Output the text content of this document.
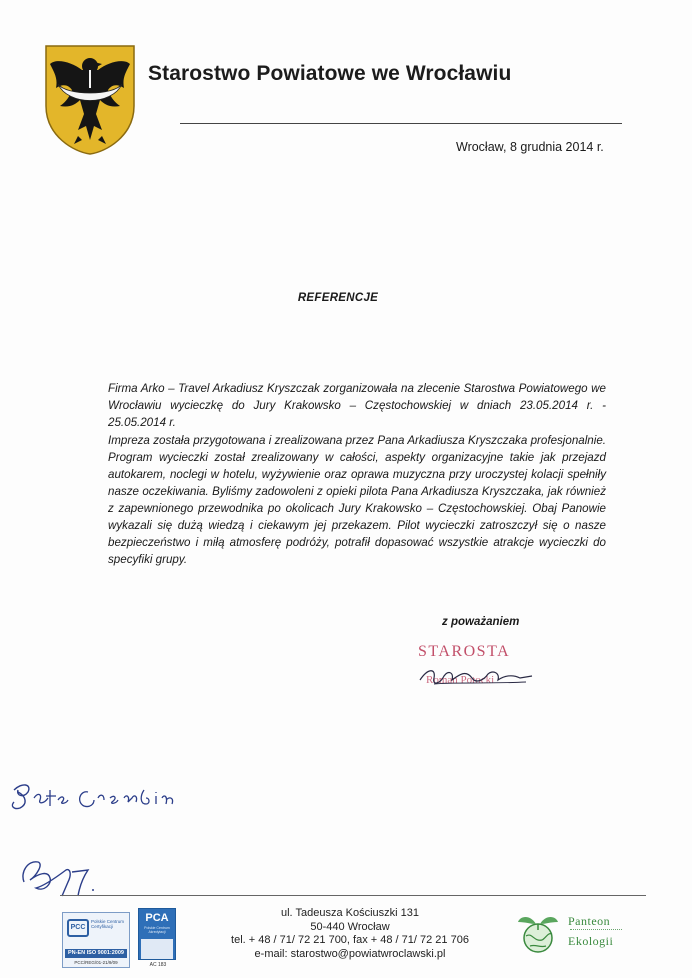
Starostwo Powiatowe we Wrocławiu
Wrocław, 8 grudnia 2014 r.
REFERENCJE

Firma Arko – Travel Arkadiusz Kryszczak zorganizowała na zlecenie Starostwa Powiatowego we Wrocławiu wycieczkę do Jury Krakowsko – Częstochowskiej w dniach 23.05.2014 r. - 25.05.2014 r.

Impreza została przygotowana i zrealizowana przez Pana Arkadiusza Kryszczaka profesjonalnie. Program wycieczki został zrealizowany w całości, aspekty organizacyjne takie jak przejazd autokarem, noclegi w hotelu, wyżywienie oraz oprawa muzyczna przy uroczystej kolacji spełniły nasze oczekiwania. Byliśmy zadowoleni z opieki pilota Pana Arkadiusza Kryszczaka, jak również z zapewnionego przewodnika po okolicach Jury Krakowsko – Częstochowskiej. Obaj Panowie wykazali się dużą wiedzą i ciekawym jej przekazem. Pilot wycieczki zatroszczył się o nasze bezpieczeństwo i miłą atmosferę podróży, potrafił dopasować wszystkie atrakcje wycieczki do specyfiki grupy.

z poważaniem
STAROSTA
Roman Potocki
PCC
Polskie Centrum Certyfikacji
PN-EN ISO 9001:2009
PCC/REG/01-21/9/09
PCA
Polskie Centrum Akredytacji
AC 183
ul. Tadeusza Kościuszki 131
50-440 Wrocław
tel. + 48 / 71/ 72 21 700, fax + 48 / 71/ 72 21 706
e-mail: starostwo@powiatwroclawski.pl
Panteon
Ekologii
